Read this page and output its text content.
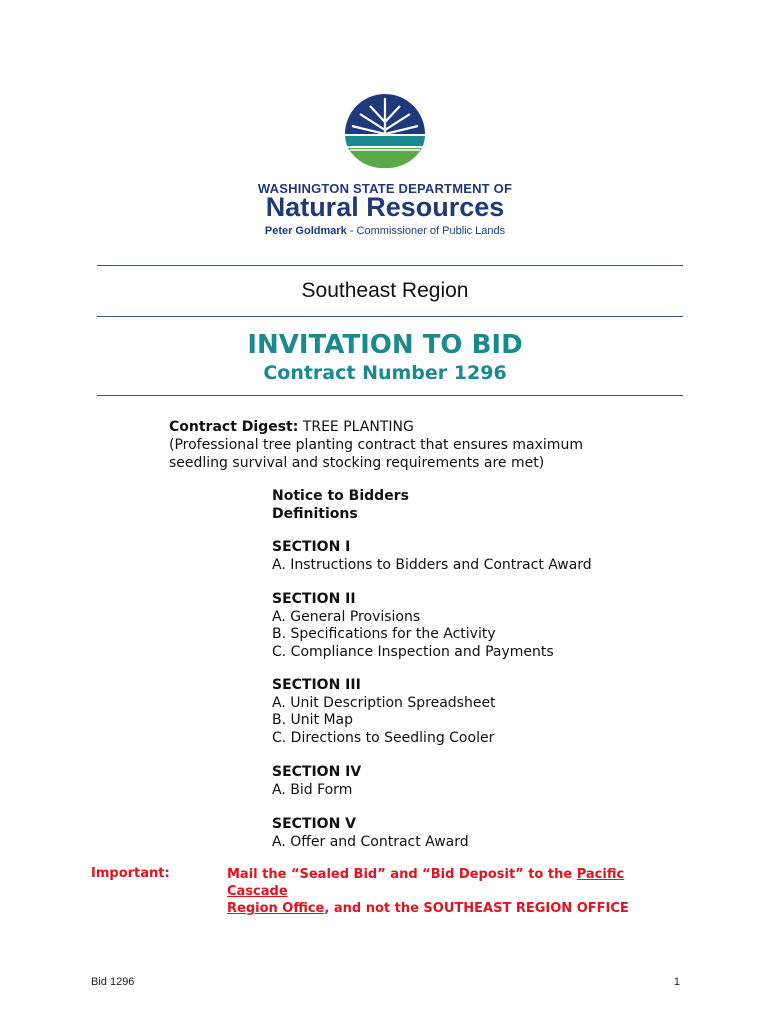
WASHINGTON STATE DEPARTMENT OF
Natural Resources
Peter Goldmark - Commissioner of Public Lands
Southeast Region
INVITATION TO BID
Contract Number 1296
Contract Digest: TREE PLANTING
(Professional tree planting contract that ensures maximum
seedling survival and stocking requirements are met)
Notice to Bidders
Definitions
SECTION I
A. Instructions to Bidders and Contract Award
SECTION II
A. General Provisions
B. Specifications for the Activity
C. Compliance Inspection and Payments
SECTION III
A. Unit Description Spreadsheet
B. Unit Map
C. Directions to Seedling Cooler
SECTION IV
A. Bid Form
SECTION V
A. Offer and Contract Award
Important:	Mail the “Sealed Bid” and “Bid Deposit” to the Pacific Cascade
Region Office, and not the SOUTHEAST REGION OFFICE
Bid 1296	1
